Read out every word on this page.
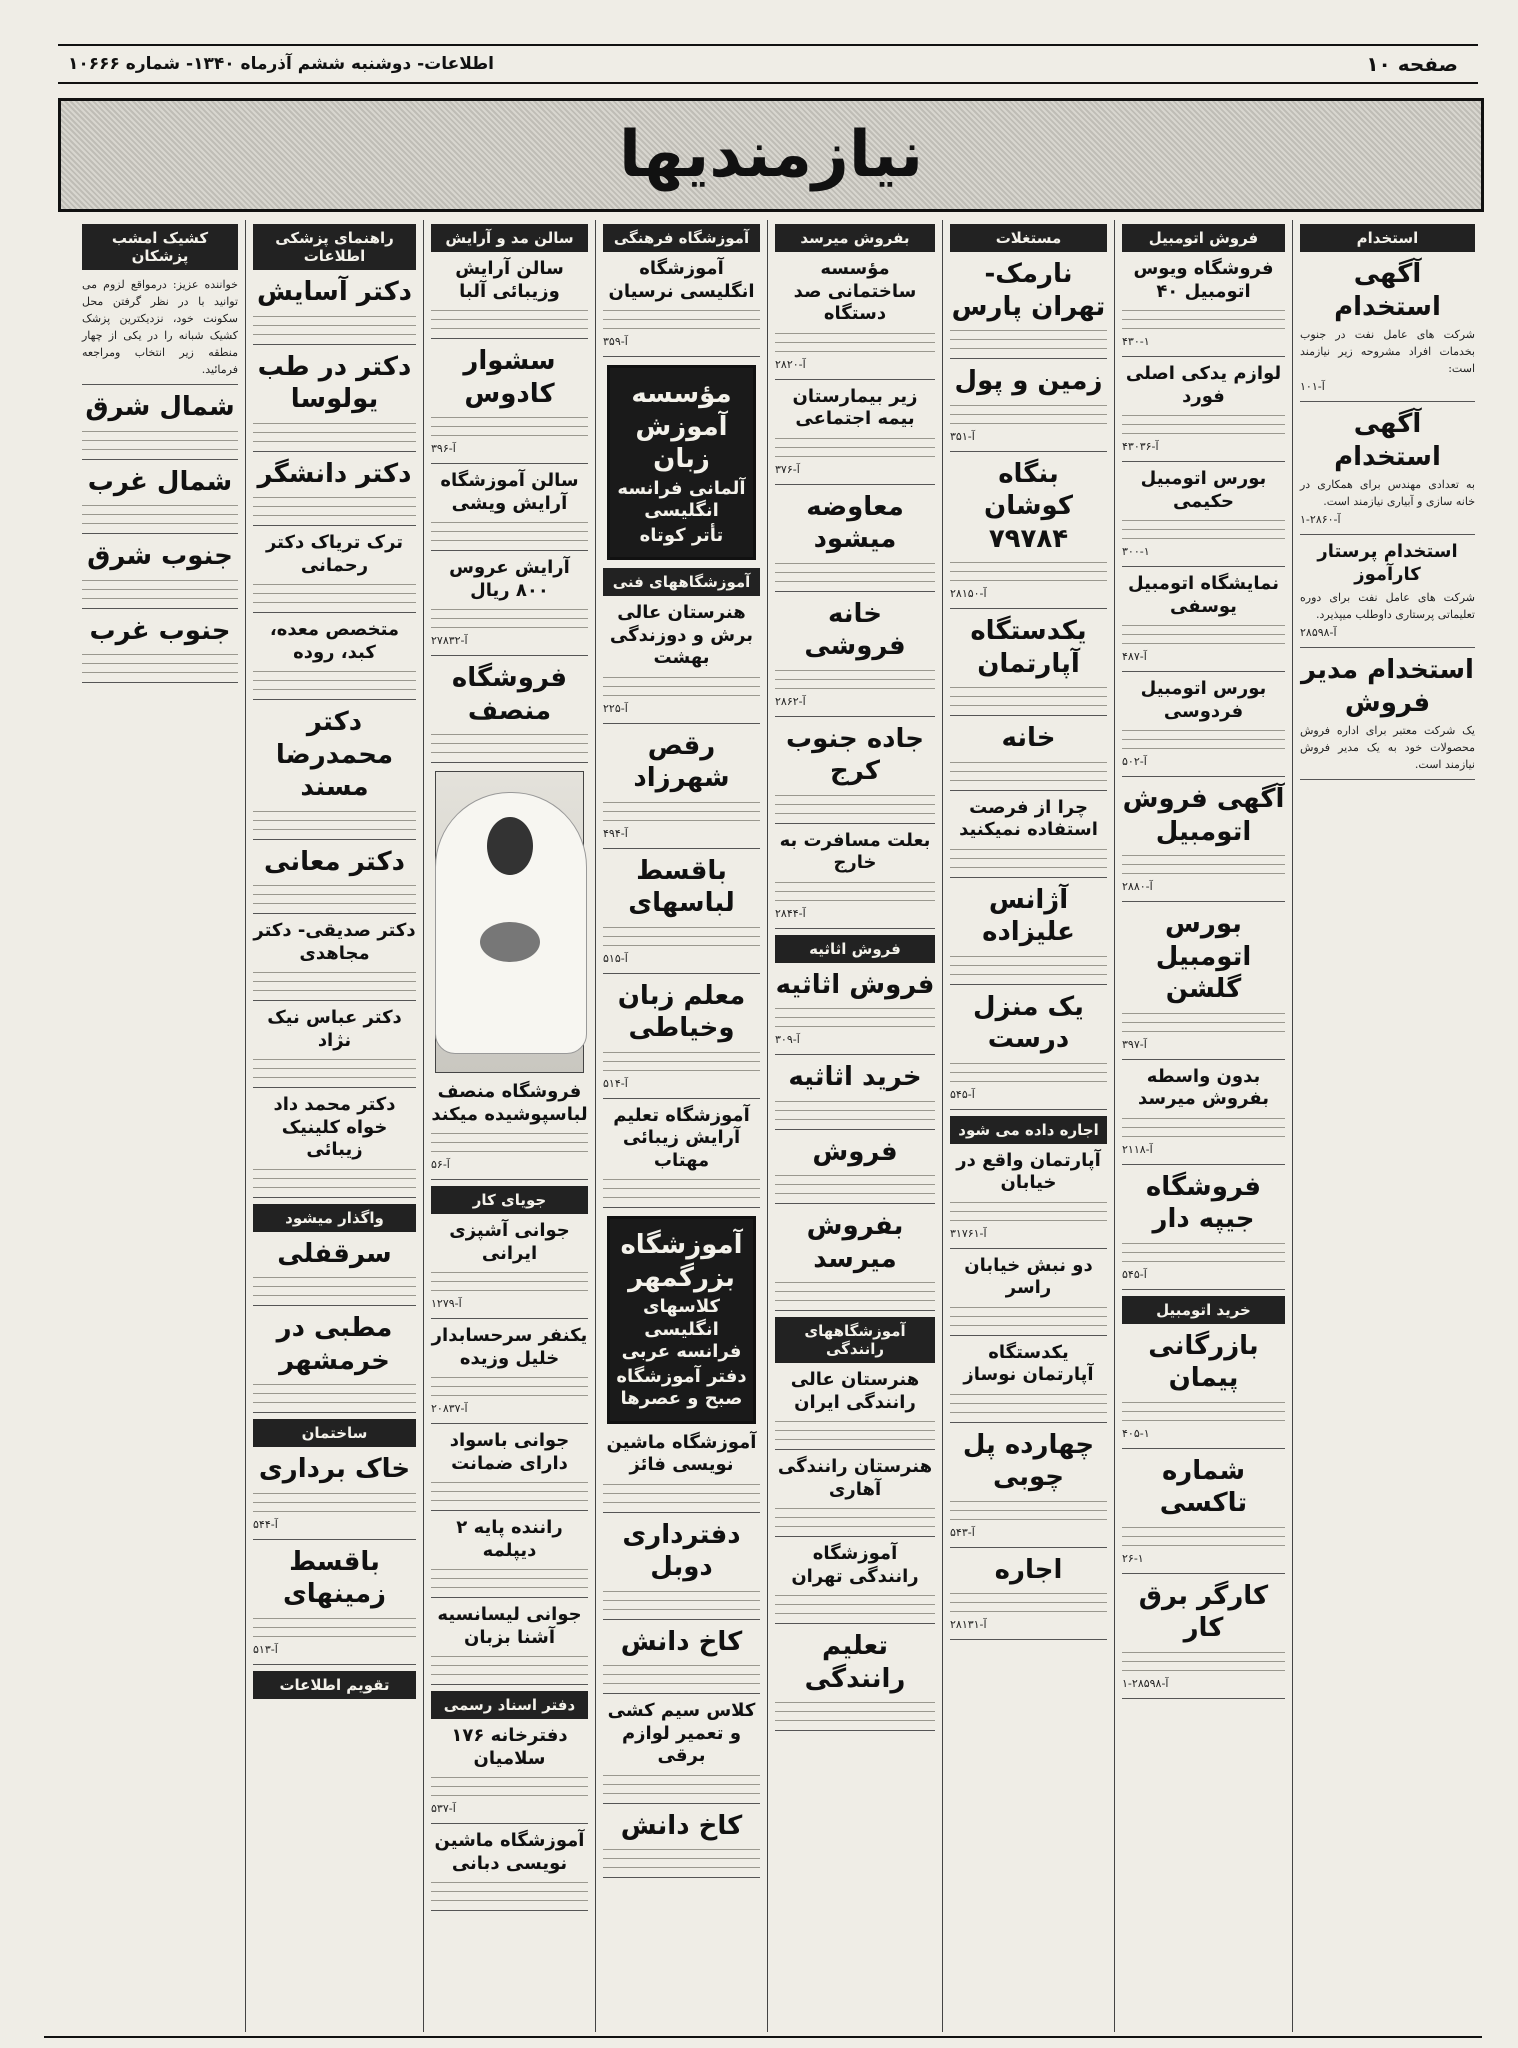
صفحه ۱۰
اطلاعات- دوشنبه ششم آذرماه ۱۳۴۰- شماره ۱۰۶۶۶
نیازمندیها
استخدام
آگهی استخدام
شرکت های عامل نفت در جنوب بخدمات افراد مشروحه زیر نیازمند است:
آ-۱۰۱
آگهی استخدام
به تعدادی مهندس برای همکاری در خانه سازی و آبیاری نیازمند است.
آ-۲۸۶۰-۱
استخدام پرستار کارآموز
شرکت های عامل نفت برای دوره تعلیماتی پرستاری داوطلب میپذیرد.
آ-۲۸۵۹۸
استخدام مدیر فروش
یک شرکت معتبر برای اداره فروش محصولات خود به یک مدیر فروش نیازمند است.
فروش اتومبیل
فروشگاه ویوس اتومبیل ۴۰
۴۳۰-۱
لوازم یدکی اصلی فورد
آ-۴۳۰۳۶
بورس اتومبیل حکیمی
۳۰۰-۱
نمایشگاه اتومبیل یوسفی
آ-۴۸۷
بورس اتومبیل فردوسی
آ-۵۰۲
آگهی فروش اتومبیل
آ-۲۸۸۰
بورس اتومبیل گلشن
آ-۳۹۷
بدون واسطه بفروش میرسد
آ-۲۱۱۸
فروشگاه جیپه دار
آ-۵۴۵
خرید اتومبیل
بازرگانی پیمان
۴۰۵-۱
شماره تاکسی
۲۶-۱
کارگر برق کار
آ-۲۸۵۹۸-۱
مستغلات
نارمک- تهران پارس
زمین و پول
آ-۳۵۱
بنگاه کوشان ۷۹۷۸۴
آ-۲۸۱۵۰
یکدستگاه آپارتمان
خانه
چرا از فرصت استفاده نمیکنید
آژانس علیزاده
یک منزل درست
آ-۵۴۵
اجاره داده می شود
آپارتمان واقع در خیابان
آ-۳۱۷۶۱
دو نبش خیابان راسر
یکدستگاه آپارتمان نوساز
چهارده پل چوبی
آ-۵۴۳
اجاره
آ-۲۸۱۳۱
بفروش میرسد
مؤسسه ساختمانی صد دستگاه
آ-۲۸۲۰
زیر بیمارستان بیمه اجتماعی
آ-۳۷۶
معاوضه میشود
خانه فروشی
آ-۲۸۶۲
جاده جنوب کرج
بعلت مسافرت به خارج
آ-۲۸۴۴
فروش اثاثیه
فروش اثاثیه
آ-۳۰۹
خرید اثاثیه
فروش
بفروش میرسد
آموزشگاههای رانندگی
هنرستان عالی رانندگی ایران
هنرستان رانندگی آهاری
آموزشگاه رانندگی تهران
تعلیم رانندگی
آموزشگاه فرهنگی
آموزشگاه انگلیسی نرسیان
آ-۳۵۹
مؤسسه آموزش زبان
آلمانی فرانسه انگلیسی
تأتر کوتاه
آموزشگاههای فنی
هنرستان عالی برش و دوزندگی بهشت
آ-۲۲۵
رقص شهرزاد
آ-۴۹۴
باقسط لباسهای
آ-۵۱۵
معلم زبان وخیاطی
آ-۵۱۴
آموزشگاه تعلیم آرایش زیبائی مهتاب
آموزشگاه بزرگمهر
کلاسهای انگلیسی فرانسه عربی
دفتر آموزشگاه صبح و عصرها
آموزشگاه ماشین نویسی فائز
دفترداری دوبل
کاخ دانش
کلاس سیم کشی و تعمیر لوازم برقی
کاخ دانش
سالن مد و آرایش
سالن آرایش وزیبائی آلبا
سشوار کادوس
آ-۳۹۶
سالن آموزشگاه آرایش ویشی
آرایش عروس ۸۰۰ ریال
آ-۲۷۸۳۲
فروشگاه منصف
فروشگاه منصف لباسپوشیده میکند
آ-۵۶
جویای کار
جوانی آشپزی ایرانی
آ-۱۲۷۹
یکنفر سرحسابدار خلیل وزیده
آ-۲۰۸۳۷
جوانی باسواد دارای ضمانت
راننده پایه ۲ دیپلمه
جوانی لیسانسیه آشنا بزبان
دفتر اسناد رسمی
دفترخانه ۱۷۶ سلامیان
آ-۵۳۷
آموزشگاه ماشین نویسی دبانی
راهنمای پزشکی اطلاعات
دکتر آسایش
دکتر در طب یولوسا
دکتر دانشگر
ترک تریاک دکتر رحمانی
متخصص معده، کبد، روده
دکتر محمدرضا مسند
دکتر معانی
دکتر صدیقی- دکتر مجاهدی
دکتر عباس نیک نژاد
دکتر محمد داد خواه کلینیک زیبائی
واگذار میشود
سرقفلی
مطبی در خرمشهر
ساختمان
خاک برداری
آ-۵۴۴
باقسط زمینهای
آ-۵۱۳
تقویم اطلاعات
کشیک امشب پزشکان
خواننده عزیز: درمواقع لزوم می توانید با در نظر گرفتن محل سکونت خود، نزدیکترین پزشک کشیک شبانه را در یکی از چهار منطقه زیر انتخاب ومراجعه فرمائید.
شمال شرق
شمال غرب
جنوب شرق
جنوب غرب
